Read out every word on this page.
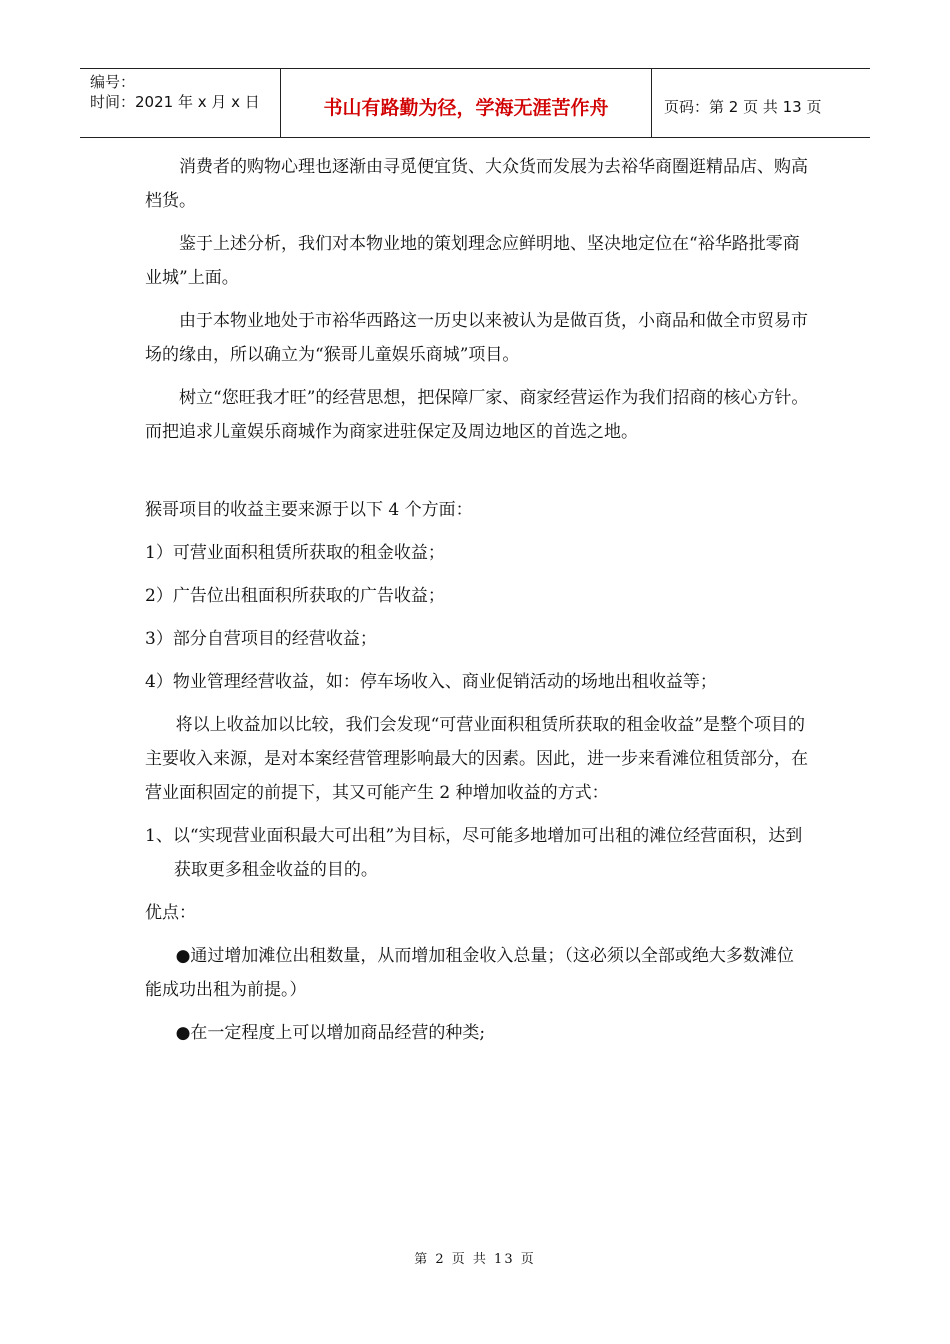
编号：
时间：2021 年 x 月 x 日	书山有路勤为径，学海无涯苦作舟	页码：第 2 页 共 13 页

消费者的购物心理也逐渐由寻觅便宜货、大众货而发展为去裕华商圈逛精品店、购高档货。

鉴于上述分析，我们对本物业地的策划理念应鲜明地、坚决地定位在“裕华路批零商业城”上面。

由于本物业地处于市裕华西路这一历史以来被认为是做百货，小商品和做全市贸易市场的缘由，所以确立为“猴哥儿童娱乐商城”项目。

树立“您旺我才旺”的经营思想，把保障厂家、商家经营运作为我们招商的核心方针。而把追求儿童娱乐商城作为商家进驻保定及周边地区的首选之地。

猴哥项目的收益主要来源于以下 4 个方面：

1）可营业面积租赁所获取的租金收益；

2）广告位出租面积所获取的广告收益；

3）部分自营项目的经营收益；

4）物业管理经营收益，如：停车场收入、商业促销活动的场地出租收益等；

将以上收益加以比较，我们会发现“可营业面积租赁所获取的租金收益”是整个项目的主要收入来源，是对本案经营管理影响最大的因素。因此，进一步来看滩位租赁部分，在营业面积固定的前提下，其又可能产生 2 种增加收益的方式：

1、以“实现营业面积最大可出租”为目标，尽可能多地增加可出租的滩位经营面积，达到获取更多租金收益的目的。

优点：

●通过增加滩位出租数量，从而增加租金收入总量；（这必须以全部或绝大多数滩位能成功出租为前提。）

●在一定程度上可以增加商品经营的种类;

第 2 页 共 13 页
